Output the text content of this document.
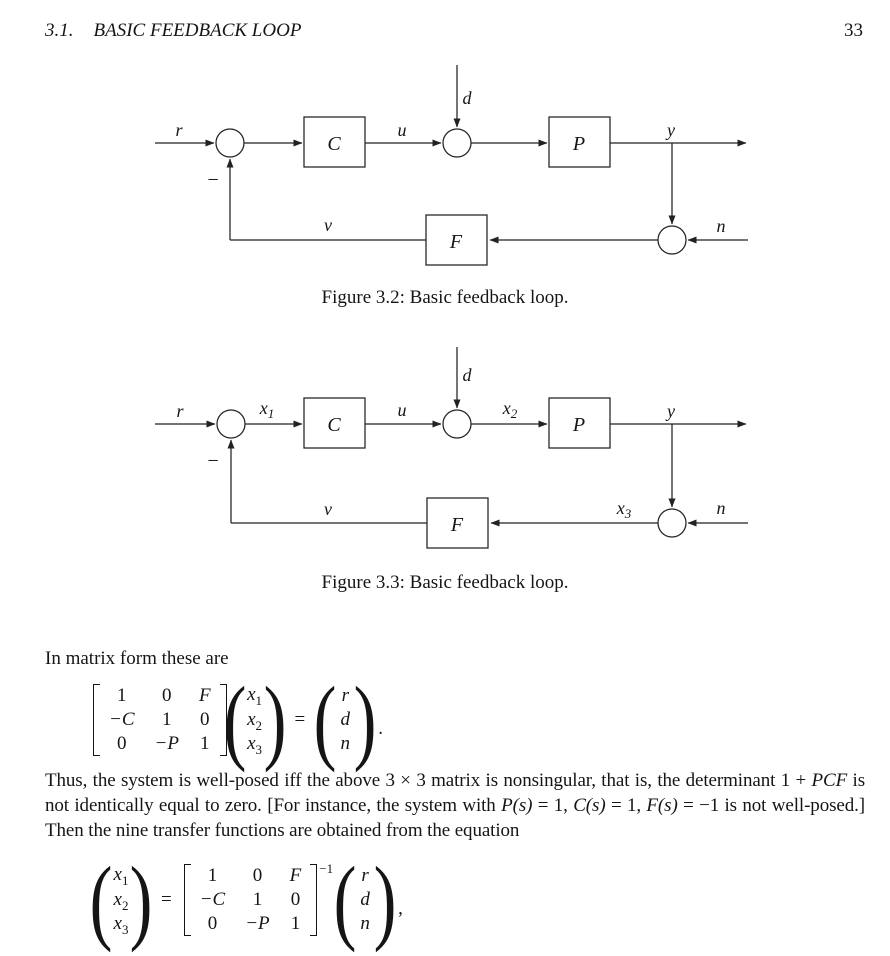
3.1. BASIC FEEDBACK LOOP	33
r
d
u	y
n
v
−
C	P
F
Figure 3.2: Basic feedback loop.
r
d
$x_1$	u	$x_2$	y
$x_3$	n
v
−
C	P
F
Figure 3.3: Basic feedback loop.
In matrix form these are
1 0 F
−C 1 0
0 −P 1 ( $x_1$
$x_2$
$x_3$ ) = ( r
d
n ) .
Thus, the system is well-posed iff the above 3 × 3 matrix is nonsingular, that is, the determinant 1 + PCF is not identically equal to zero. [For instance, the system with P(s) = 1, C(s) = 1, F(s) = −1 is not well-posed.] Then the nine transfer functions are obtained from the equation
( $x_1$
$x_2$
$x_3$ ) =
1 0 F
−C 1 0
0 −P 1
−1 ( r
d
n ) ,
